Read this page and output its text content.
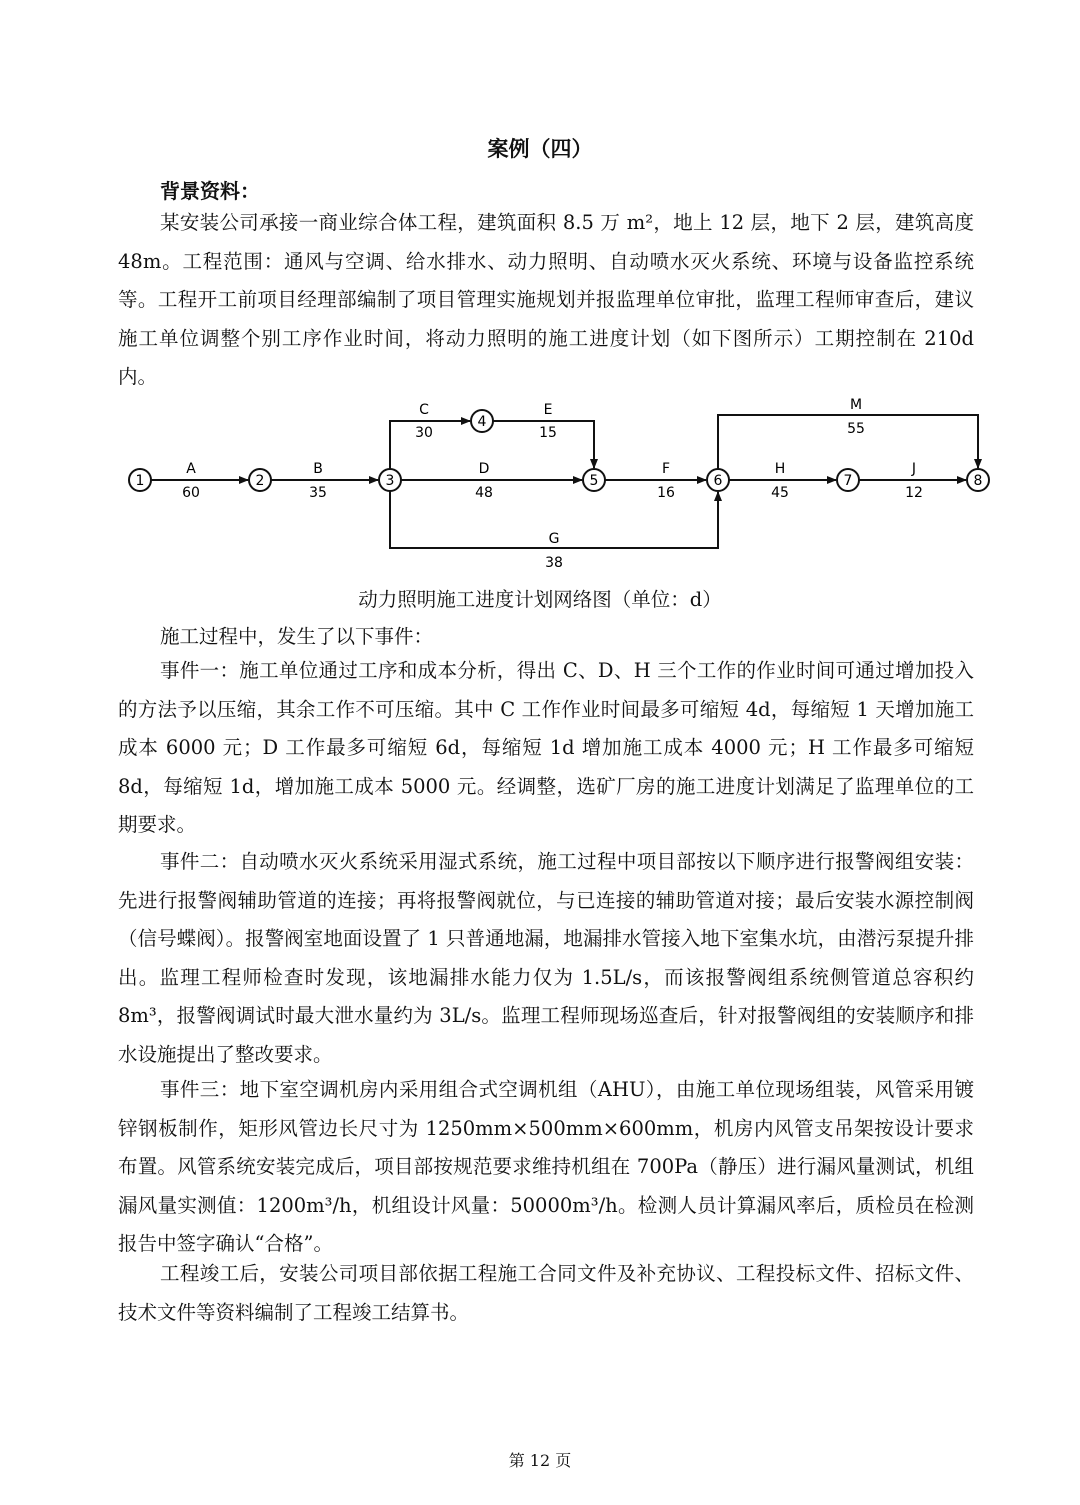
案例（四）
背景资料：

某安装公司承接一商业综合体工程，建筑面积 8.5 万 m²，地上 12 层，地下 2 层，建筑高度 48m。工程范围：通风与空调、给水排水、动力照明、自动喷水灭火系统、环境与设备监控系统等。工程开工前项目经理部编制了项目管理实施规划并报监理单位审批，监理工程师审查后，建议施工单位调整个别工序作业时间，将动力照明的施工进度计划（如下图所示）工期控制在 210d 内。

1	2	3
4
5	6	7	8
A
60
B
35
C
30
D
48
E
15
F
16
G
38
H
45
J
12
M
55
动力照明施工进度计划网络图（单位：d）

施工过程中，发生了以下事件：

事件一：施工单位通过工序和成本分析，得出 C、D、H 三个工作的作业时间可通过增加投入的方法予以压缩，其余工作不可压缩。其中 C 工作作业时间最多可缩短 4d，每缩短 1 天增加施工成本 6000 元；D 工作最多可缩短 6d，每缩短 1d 增加施工成本 4000 元；H 工作最多可缩短 8d，每缩短 1d，增加施工成本 5000 元。经调整，选矿厂房的施工进度计划满足了监理单位的工期要求。

事件二：自动喷水灭火系统采用湿式系统，施工过程中项目部按以下顺序进行报警阀组安装：先进行报警阀辅助管道的连接；再将报警阀就位，与已连接的辅助管道对接；最后安装水源控制阀（信号蝶阀）。报警阀室地面设置了 1 只普通地漏，地漏排水管接入地下室集水坑，由潜污泵提升排出。监理工程师检查时发现，该地漏排水能力仅为 1.5L/s，而该报警阀组系统侧管道总容积约 8m³，报警阀调试时最大泄水量约为 3L/s。监理工程师现场巡查后，针对报警阀组的安装顺序和排水设施提出了整改要求。

事件三：地下室空调机房内采用组合式空调机组（AHU），由施工单位现场组装，风管采用镀锌钢板制作，矩形风管边长尺寸为 1250mm×500mm×600mm，机房内风管支吊架按设计要求布置。风管系统安装完成后，项目部按规范要求维持机组在 700Pa（静压）进行漏风量测试，机组漏风量实测值：1200m³/h，机组设计风量：50000m³/h。检测人员计算漏风率后，质检员在检测报告中签字确认“合格”。

工程竣工后，安装公司项目部依据工程施工合同文件及补充协议、工程投标文件、招标文件、技术文件等资料编制了工程竣工结算书。

第 12 页
